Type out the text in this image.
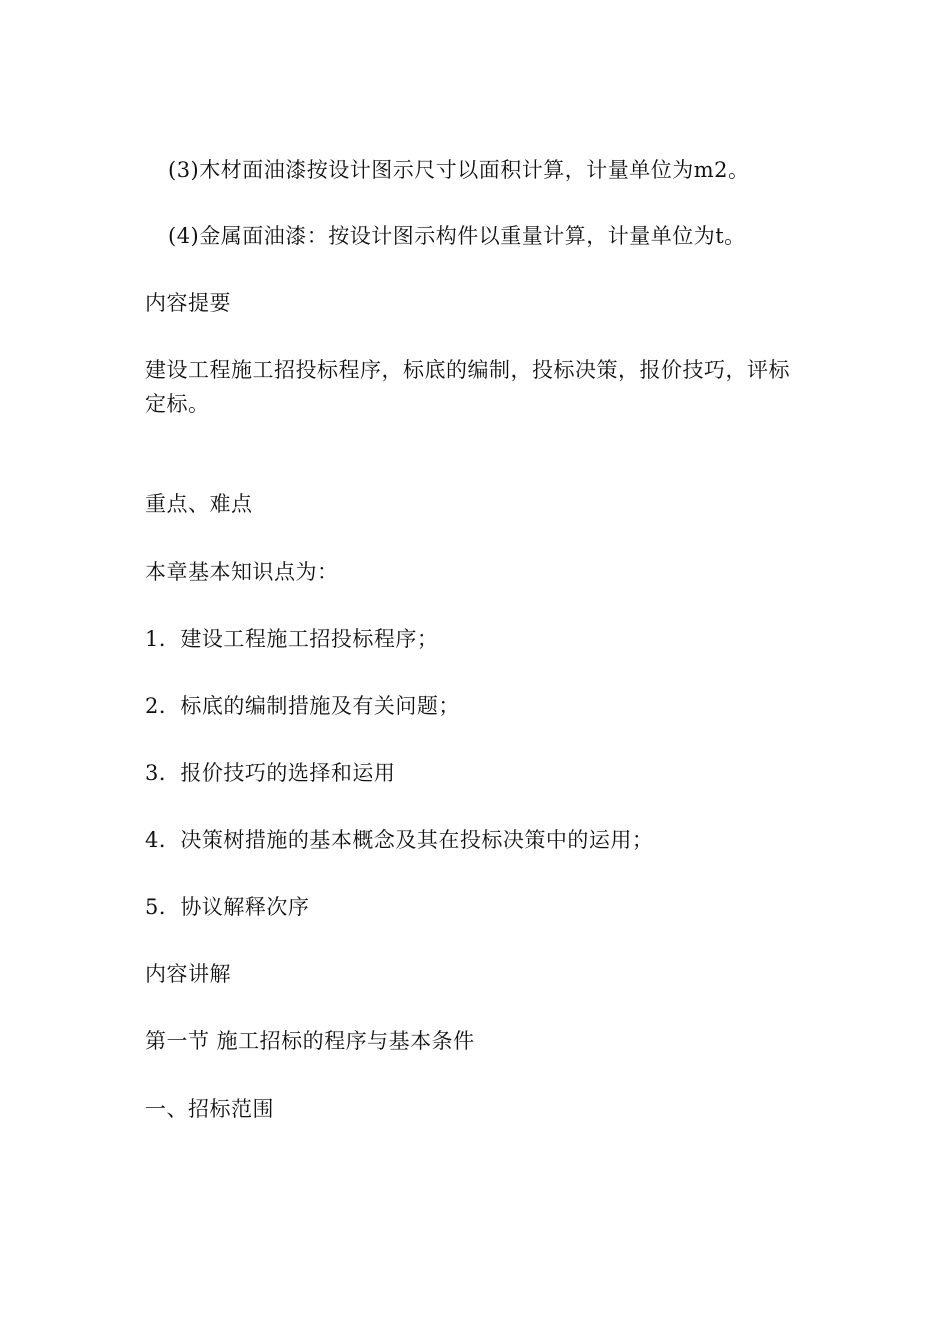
(3)木材面油漆按设计图示尺寸以面积计算，计量单位为m2。

(4)金属面油漆：按设计图示构件以重量计算，计量单位为t。

内容提要

建设工程施工招投标程序，标底的编制，投标决策，报价技巧，评标定标。

重点、难点

本章基本知识点为：

1．建设工程施工招投标程序；

2．标底的编制措施及有关问题；

3．报价技巧的选择和运用

4．决策树措施的基本概念及其在投标决策中的运用；

5．协议解释次序

内容讲解

第一节 施工招标的程序与基本条件

一、招标范围
